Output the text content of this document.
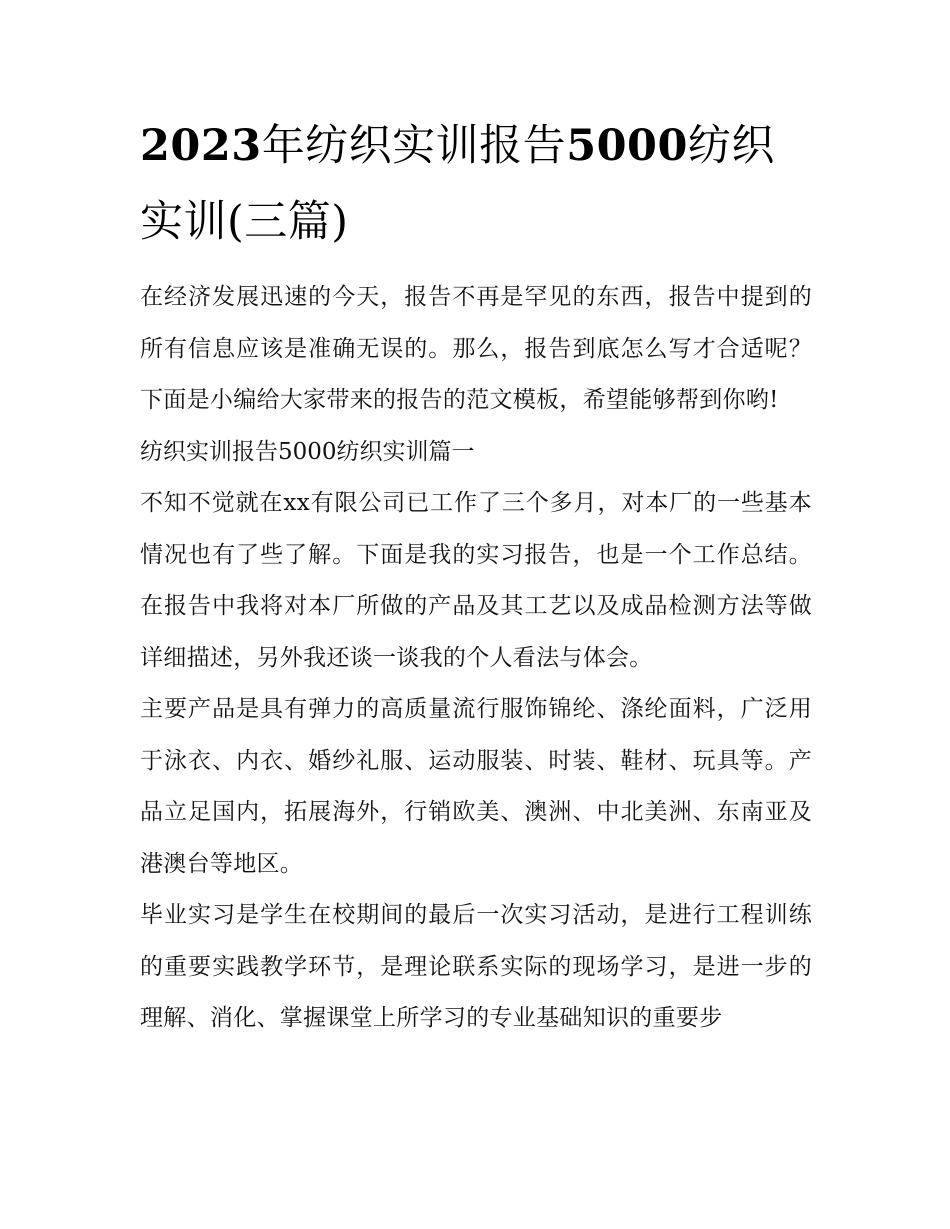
2023年纺织实训报告5000纺织实训(三篇)

在经济发展迅速的今天，报告不再是罕见的东西，报告中提到的所有信息应该是准确无误的。那么，报告到底怎么写才合适呢？下面是小编给大家带来的报告的范文模板，希望能够帮到你哟!

纺织实训报告5000纺织实训篇一

不知不觉就在xx有限公司已工作了三个多月，对本厂的一些基本情况也有了些了解。下面是我的实习报告，也是一个工作总结。在报告中我将对本厂所做的产品及其工艺以及成品检测方法等做详细描述，另外我还谈一谈我的个人看法与体会。

主要产品是具有弹力的高质量流行服饰锦纶、涤纶面料，广泛用于泳衣、内衣、婚纱礼服、运动服装、时装、鞋材、玩具等。产品立足国内，拓展海外，行销欧美、澳洲、中北美洲、东南亚及港澳台等地区。

毕业实习是学生在校期间的最后一次实习活动，是进行工程训练的重要实践教学环节，是理论联系实际的现场学习，是进一步的理解、消化、掌握课堂上所学习的专业基础知识的重要步
